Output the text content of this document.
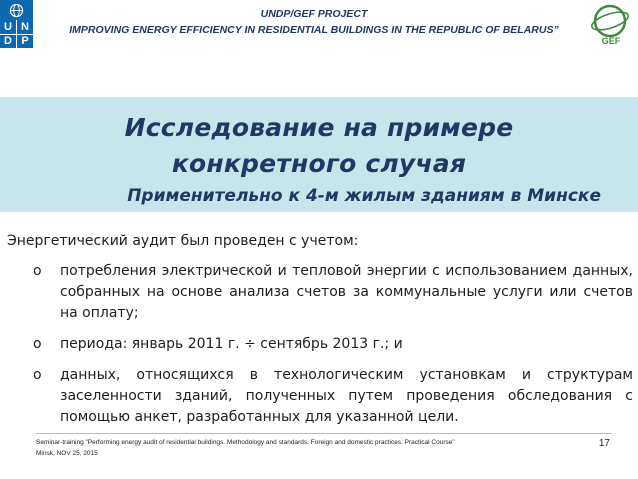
U N
D P
UNDP/GEF PROJECT
IMPROVING ENERGY EFFICIENCY IN RESIDENTIAL BUILDINGS IN THE REPUBLIC OF BELARUS”
GEF
Исследование на примере
конкретного случая
Применительно к 4-м жилым зданиям в Минске

Энергетический аудит был проведен с учетом:

o потребления электрической и тепловой энергии с использованием данных, собранных на основе анализа счетов за коммунальные услуги или счетов на оплату;
o периода: январь 2011 г. ÷ сентябрь 2013 г.; и
o данных, относящихся в технологическим установкам и структурам заселенности зданий, полученных путем проведения обследования с помощью анкет, разработанных для указанной цели.
Seminar-training "Performing energy audit of residential buildings. Methodology and standards. Foreign and domestic practices. Practical Course"
Minsk, NOV 25, 2015
17
